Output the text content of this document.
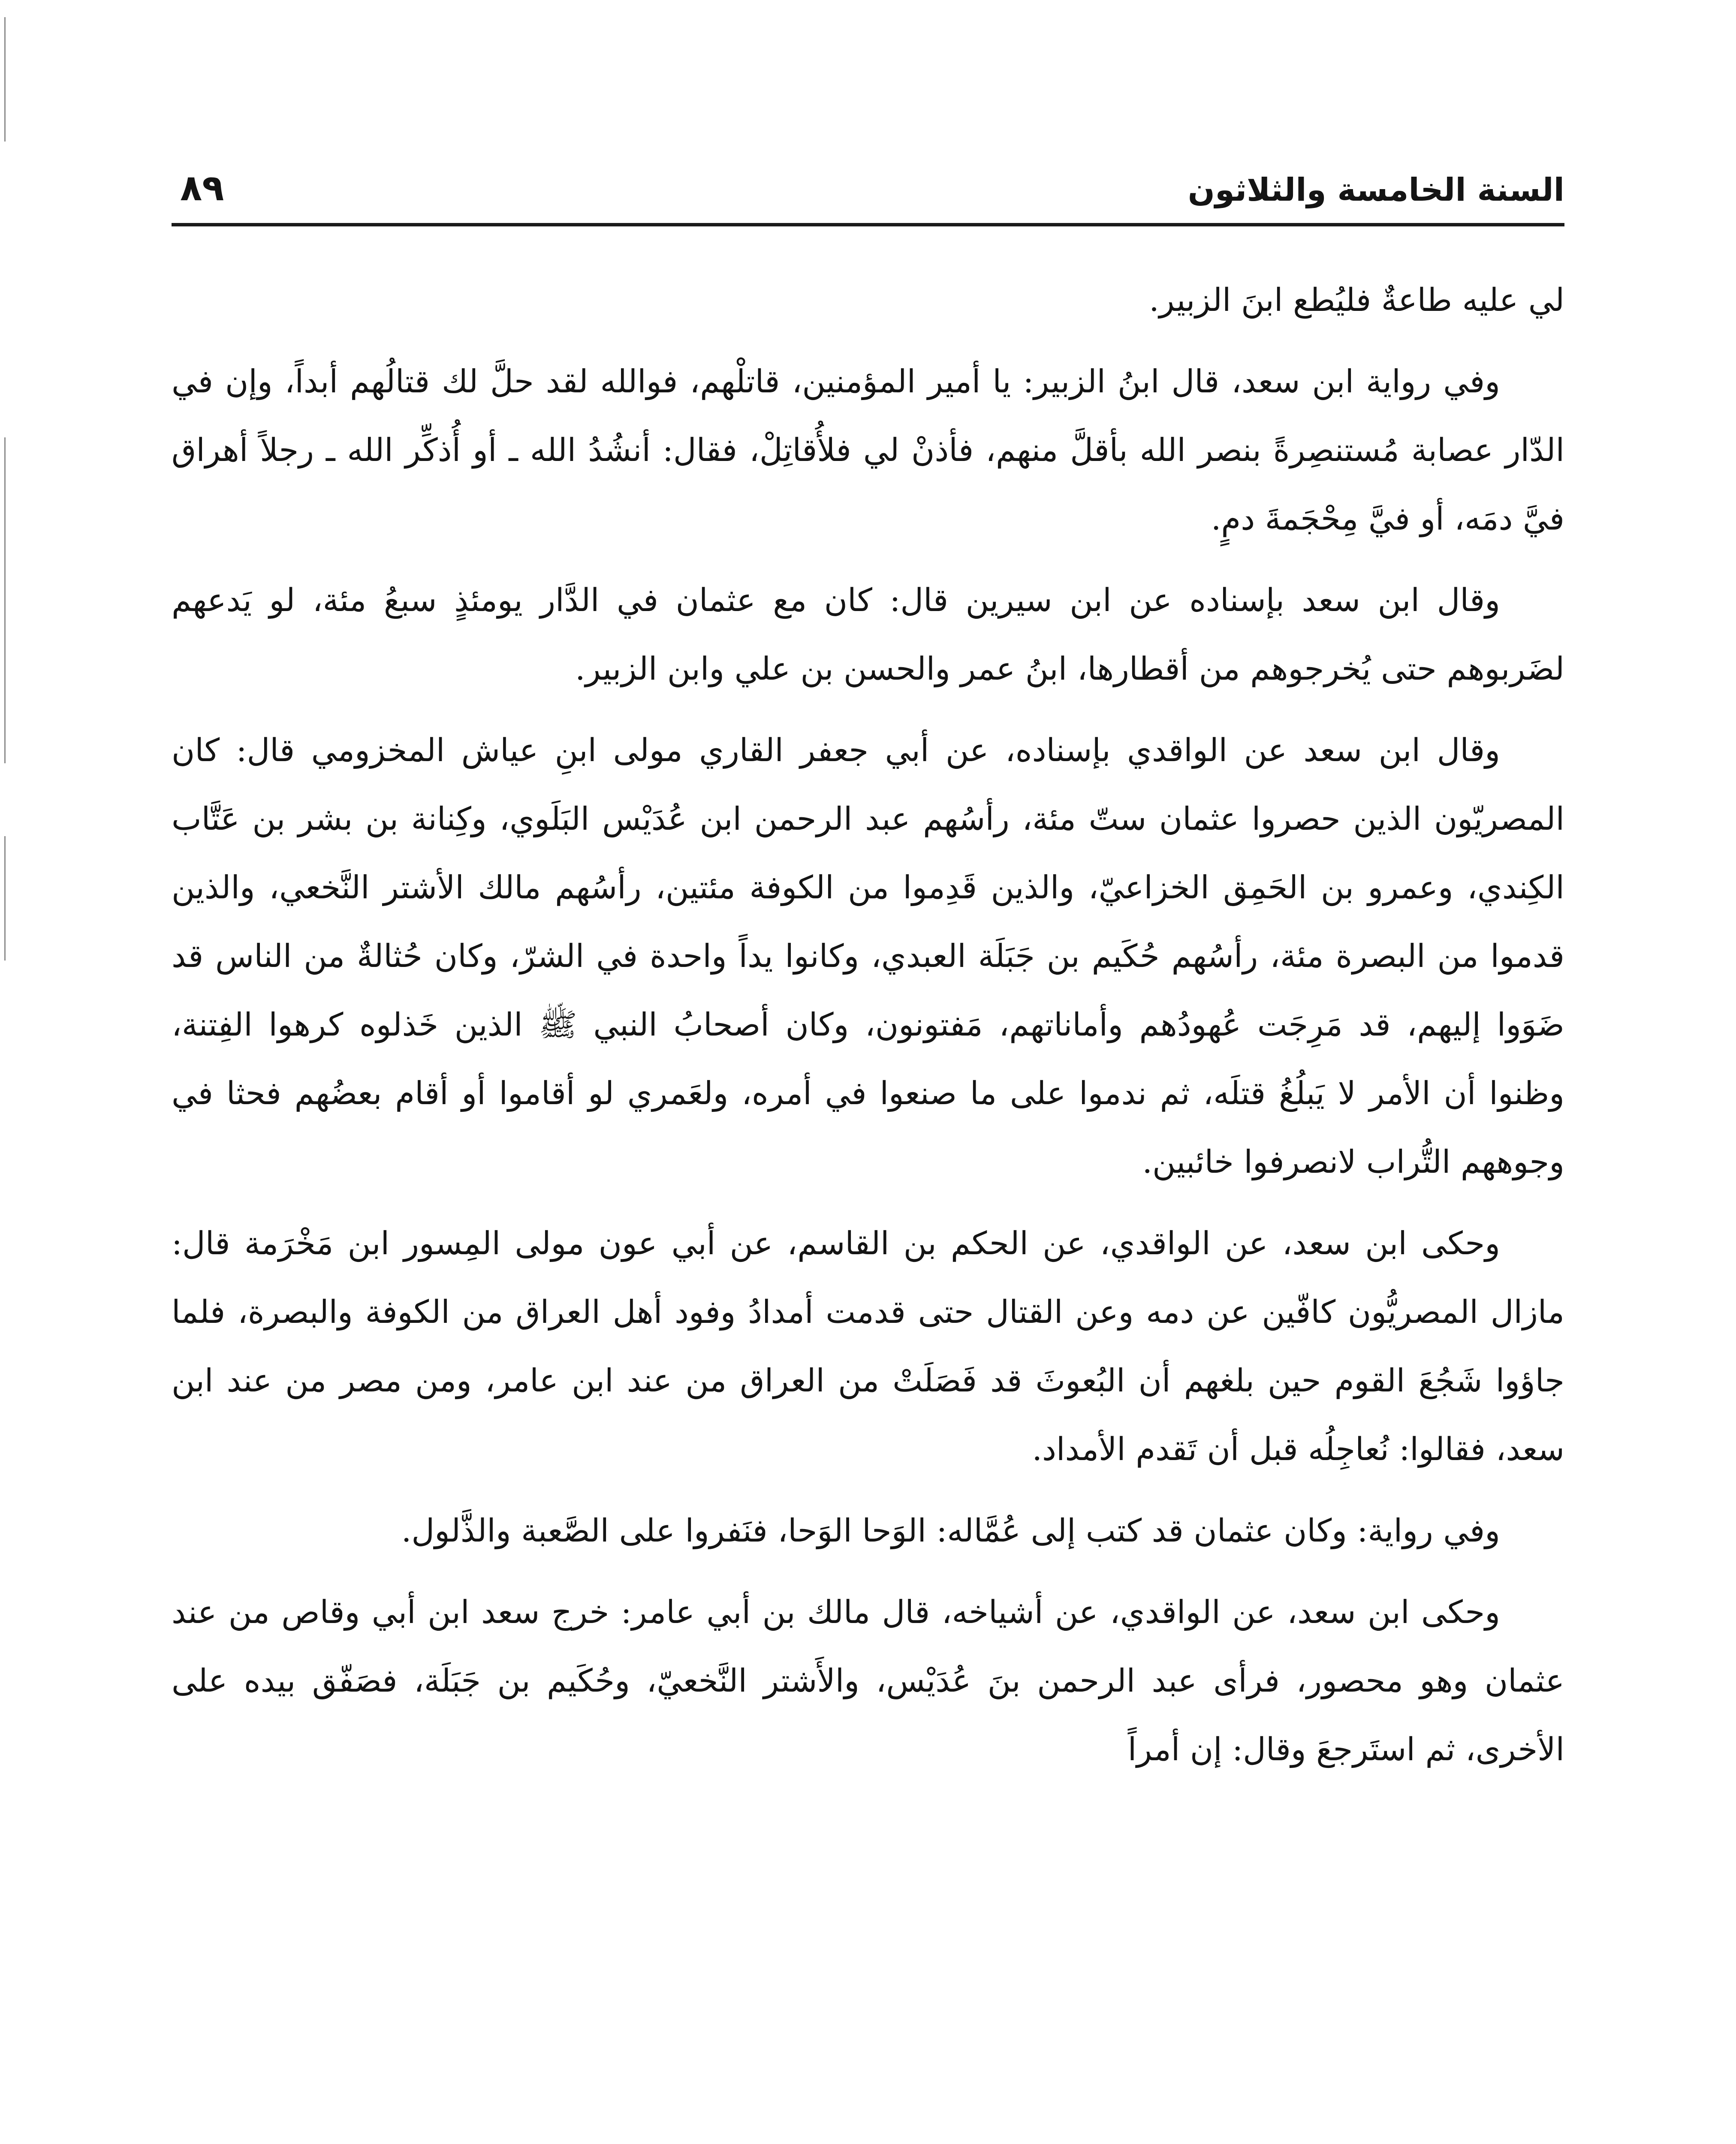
السنة الخامسة والثلاثون
٨٩

لي عليه طاعةٌ فليُطع ابنَ الزبير.

وفي رواية ابن سعد، قال ابنُ الزبير: يا أمير المؤمنين، قاتلْهم، فوالله لقد حلَّ لك قتالُهم أبداً، وإن في الدّار عصابة مُستنصِرةً بنصر الله بأقلَّ منهم، فأذنْ لي فلأُقاتِلْ، فقال: أنشُدُ الله ـ أو أُذكِّر الله ـ رجلاً أهراق فيَّ دمَه، أو فيَّ مِحْجَمةَ دمٍ.

وقال ابن سعد بإسناده عن ابن سيرين قال: كان مع عثمان في الدَّار يومئذٍ سبعُ مئة، لو يَدعهم لضَربوهم حتى يُخرجوهم من أقطارها، ابنُ عمر والحسن بن علي وابن الزبير.

وقال ابن سعد عن الواقدي بإسناده، عن أبي جعفر القاري مولى ابنِ عياش المخزومي قال: كان المصريّون الذين حصروا عثمان ستّ مئة، رأسُهم عبد الرحمن ابن عُدَيْس البَلَوي، وكِنانة بن بشر بن عَتَّاب الكِندي، وعمرو بن الحَمِق الخزاعيّ، والذين قَدِموا من الكوفة مئتين، رأسُهم مالك الأشتر النَّخعي، والذين قدموا من البصرة مئة، رأسُهم حُكَيم بن جَبَلَة العبدي، وكانوا يداً واحدة في الشرّ، وكان حُثالةٌ من الناس قد ضَوَوا إليهم، قد مَرِجَت عُهودُهم وأماناتهم، مَفتونون، وكان أصحابُ النبي ﷺ الذين خَذلوه كرهوا الفِتنة، وظنوا أن الأمر لا يَبلُغُ قتلَه، ثم ندموا على ما صنعوا في أمره، ولعَمري لو أقاموا أو أقام بعضُهم فحثا في وجوههم التُّراب لانصرفوا خائبين.

وحكى ابن سعد، عن الواقدي، عن الحكم بن القاسم، عن أبي عون مولى المِسور ابن مَخْرَمة قال: مازال المصريُّون كافّين عن دمه وعن القتال حتى قدمت أمدادُ وفود أهل العراق من الكوفة والبصرة، فلما جاؤوا شَجُعَ القوم حين بلغهم أن البُعوثَ قد فَصَلَتْ من العراق من عند ابن عامر، ومن مصر من عند ابن سعد، فقالوا: نُعاجِلُه قبل أن تَقدم الأمداد.

وفي رواية: وكان عثمان قد كتب إلى عُمَّاله: الوَحا الوَحا، فنَفروا على الصَّعبة والذَّلول.

وحكى ابن سعد، عن الواقدي، عن أشياخه، قال مالك بن أبي عامر: خرج سعد ابن أبي وقاص من عند عثمان وهو محصور، فرأى عبد الرحمن بنَ عُدَيْس، والأَشتر النَّخعيّ، وحُكَيم بن جَبَلَة، فصَفّق بيده على الأخرى، ثم استَرجعَ وقال: إن أمراً
